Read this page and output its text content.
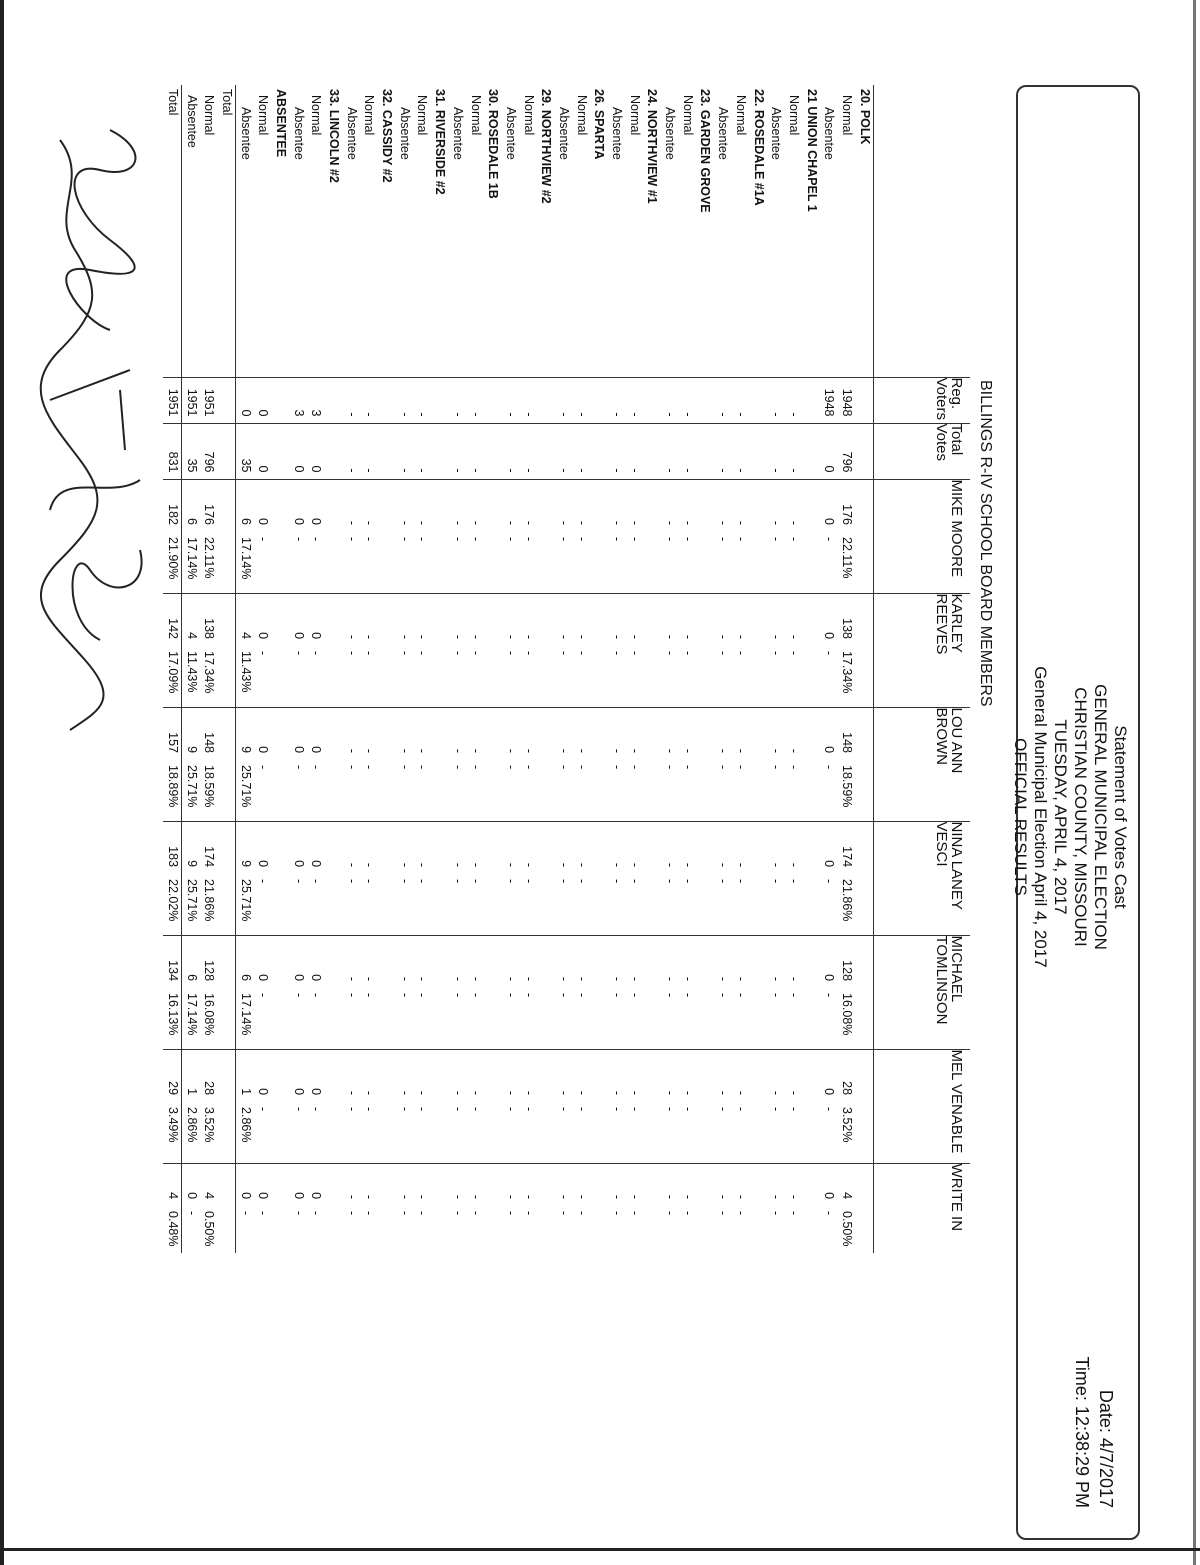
Statement of Votes Cast
GENERAL MUNICIPAL ELECTION
CHRISTIAN COUNTY, MISSOURI
TUESDAY, APRIL 4, 2017
General Municipal Election April 4, 2017
OFFICIAL RESULTS
Date: 4/7/2017
Time: 12:38:29 PM
BILLINGS R-IV SCHOOL BOARD MEMBERS
	Reg. Voters	Total Votes	MIKE MOORE		KARLEY REEVES		LOU ANN BROWN		NINA LANEY VESCI		MICHAEL TOMLINSON		MEL VENABLE		WRITE IN	
20. POLK																
Normal	1948	796	176	22.11%	138	17.34%	148	18.59%	174	21.86%	128	16.08%	28	3.52%	4	0.50%
Absentee	1948	0	0	-	0	-	0	-	0	-	0	-	0	-	0	-
21 UNION CHAPEL 1																
Normal	-	-	-	-	-	-	-	-	-	-	-	-	-	-	-	-
Absentee	-	-	-	-	-	-	-	-	-	-	-	-	-	-	-	-
22. ROSEDALE #1A																
Normal	-	-	-	-	-	-	-	-	-	-	-	-	-	-	-	-
Absentee	-	-	-	-	-	-	-	-	-	-	-	-	-	-	-	-
23. GARDEN GROVE																
Normal	-	-	-	-	-	-	-	-	-	-	-	-	-	-	-	-
Absentee	-	-	-	-	-	-	-	-	-	-	-	-	-	-	-	-
24. NORTHVIEW #1																
Normal	-	-	-	-	-	-	-	-	-	-	-	-	-	-	-	-
Absentee	-	-	-	-	-	-	-	-	-	-	-	-	-	-	-	-
26. SPARTA																
Normal	-	-	-	-	-	-	-	-	-	-	-	-	-	-	-	-
Absentee	-	-	-	-	-	-	-	-	-	-	-	-	-	-	-	-
29. NORTHVIEW #2																
Normal	-	-	-	-	-	-	-	-	-	-	-	-	-	-	-	-
Absentee	-	-	-	-	-	-	-	-	-	-	-	-	-	-	-	-
30. ROSEDALE 1B																
Normal	-	-	-	-	-	-	-	-	-	-	-	-	-	-	-	-
Absentee	-	-	-	-	-	-	-	-	-	-	-	-	-	-	-	-
31. RIVERSIDE #2																
Normal	-	-	-	-	-	-	-	-	-	-	-	-	-	-	-	-
Absentee	-	-	-	-	-	-	-	-	-	-	-	-	-	-	-	-
32. CASSIDY #2																
Normal	-	-	-	-	-	-	-	-	-	-	-	-	-	-	-	-
Absentee	-	-	-	-	-	-	-	-	-	-	-	-	-	-	-	-
33. LINCOLN #2																
Normal	3	0	0	-	0	-	0	-	0	-	0	-	0	-	0	-
Absentee	3	0	0	-	0	-	0	-	0	-	0	-	0	-	0	-
ABSENTEE																
Normal	0	0	0	-	0	-	0	-	0	-	0	-	0	-	0	-
Absentee	0	35	6	17.14%	4	11.43%	9	25.71%	9	25.71%	6	17.14%	1	2.86%	0	-
Total																
Normal	1951	796	176	22.11%	138	17.34%	148	18.59%	174	21.86%	128	16.08%	28	3.52%	4	0.50%
Absentee	1951	35	6	17.14%	4	11.43%	9	25.71%	9	25.71%	6	17.14%	1	2.86%	0	-
Total	1951	831	182	21.90%	142	17.09%	157	18.89%	183	22.02%	134	16.13%	29	3.49%	4	0.48%
